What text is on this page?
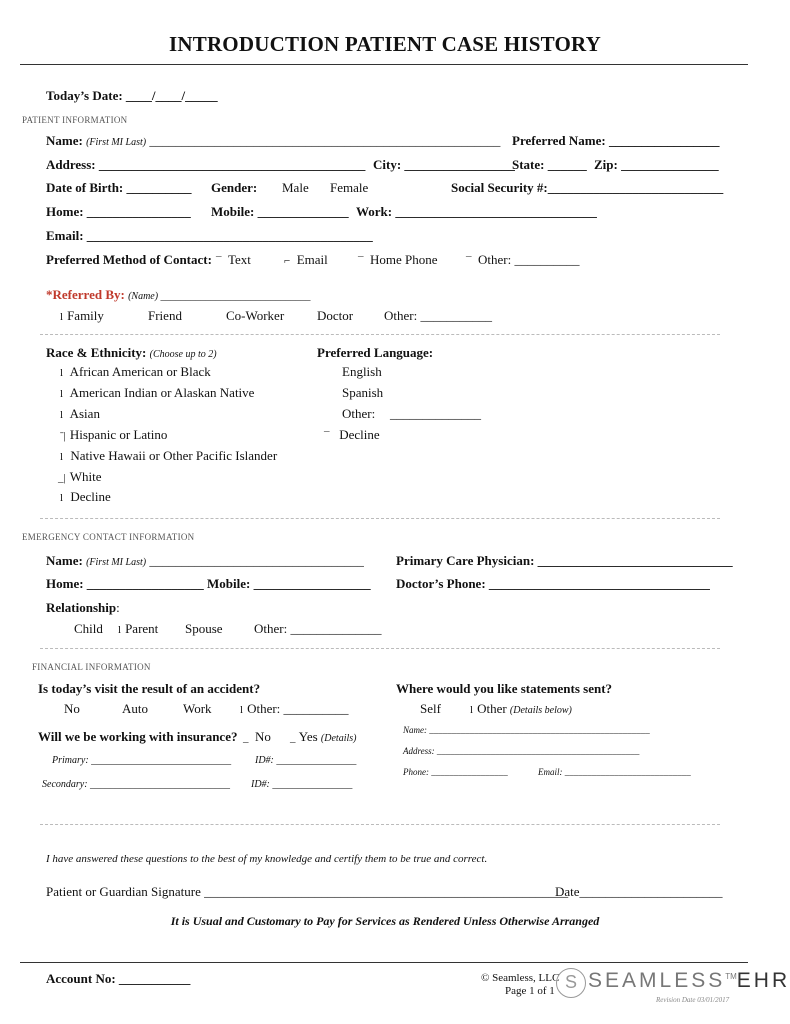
INTRODUCTION PATIENT CASE HISTORY
Today’s Date: ____/____/_____
PATIENT INFORMATION
Name: (First MI Last) ______________________________________________________ Preferred Name: _________________
Address: _________________________________________ City: _________________
State: ______ Zip: _______________
Date of Birth: __________ Gender: Male Female	Social Security #:___________________________
Home: ________________ Mobile: ______________ Work: _______________________________
Email: ____________________________________________
Preferred Method of Contact: ¯ Text	⌐ Email	¯ Home Phone	¯ Other: __________
*Referred By: (Name) ______________________________
l Family	Friend	Co-Worker	Doctor Other: ___________
Race & Ethnicity: (Choose up to 2)	Preferred Language:
l African American or Black
l American Indian or Alaskan Native
l Asian
ˉ| Hispanic or Latino
l Native Hawaii or Other Pacific Islander
_| White
l Decline
English
Spanish
Other: ______________
¯ Decline
EMERGENCY CONTACT INFORMATION
Name: (First MI Last) _________________________________ Primary Care Physician: ______________________________
Home: __________________ Mobile: __________________ Doctor’s Phone: __________________________________
Relationship:
Child l Parent Spouse Other: ______________
FINANCIAL INFORMATION
Is today’s visit the result of an accident?
No	Auto	Work	l Other: __________
Will we be working with insurance? _ No _ Yes (Details)
Primary: ____________________________ ID#: ________________
Secondary: ____________________________ ID#: ________________
Where would you like statements sent?
Self	l Other (Details below)
Name: _________________________________________________
Address: _____________________________________________
Phone: _________________	Email: ____________________________
I have answered these questions to the best of my knowledge and certify them to be true and correct.
Patient or Guardian Signature ________________________________________________________
Date______________________
It is Usual and Customary to Pay for Services as Rendered Unless Otherwise Arranged
Account No: ___________	© Seamless, LLC
Page 1 of 1 S SEAMLESS™EHR
Revision Date 03/01/2017
